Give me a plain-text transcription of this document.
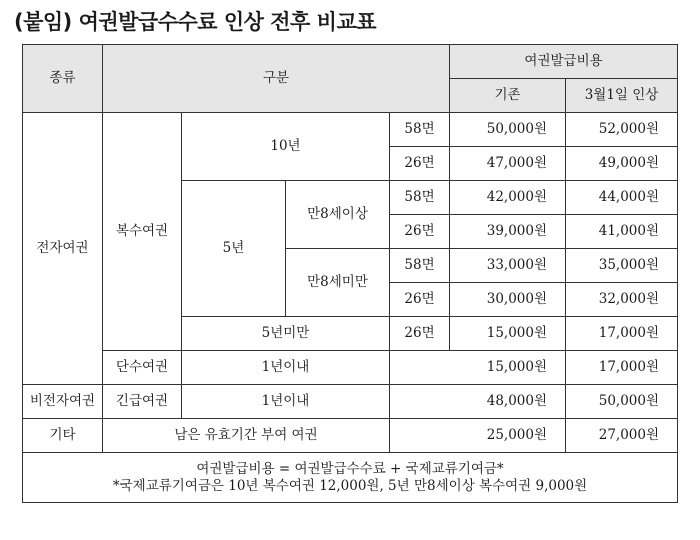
(붙임) 여권발급수수료 인상 전후 비교표
종류	구분				여권발급비용	
					기존	3월1일 인상
전자여권	복수여권	10년		58면	50,000원	52,000원
				26면	47,000원	49,000원
		5년	만8세이상	58면	42,000원	44,000원
				26면	39,000원	41,000원
			만8세미만	58면	33,000원	35,000원
				26면	30,000원	32,000원
		5년미만		26면	15,000원	17,000원
	단수여권	1년이내		15,000원		17,000원
비전자여권	긴급여권	1년이내		48,000원		50,000원
기타	남은 유효기간 부여 여권			25,000원		27,000원

여권발급비용 = 여권발급수수료 + 국제교류기여금*
*국제교류기여금은 10년 복수여권 12,000원, 5년 만8세이상 복수여권 9,000원						
